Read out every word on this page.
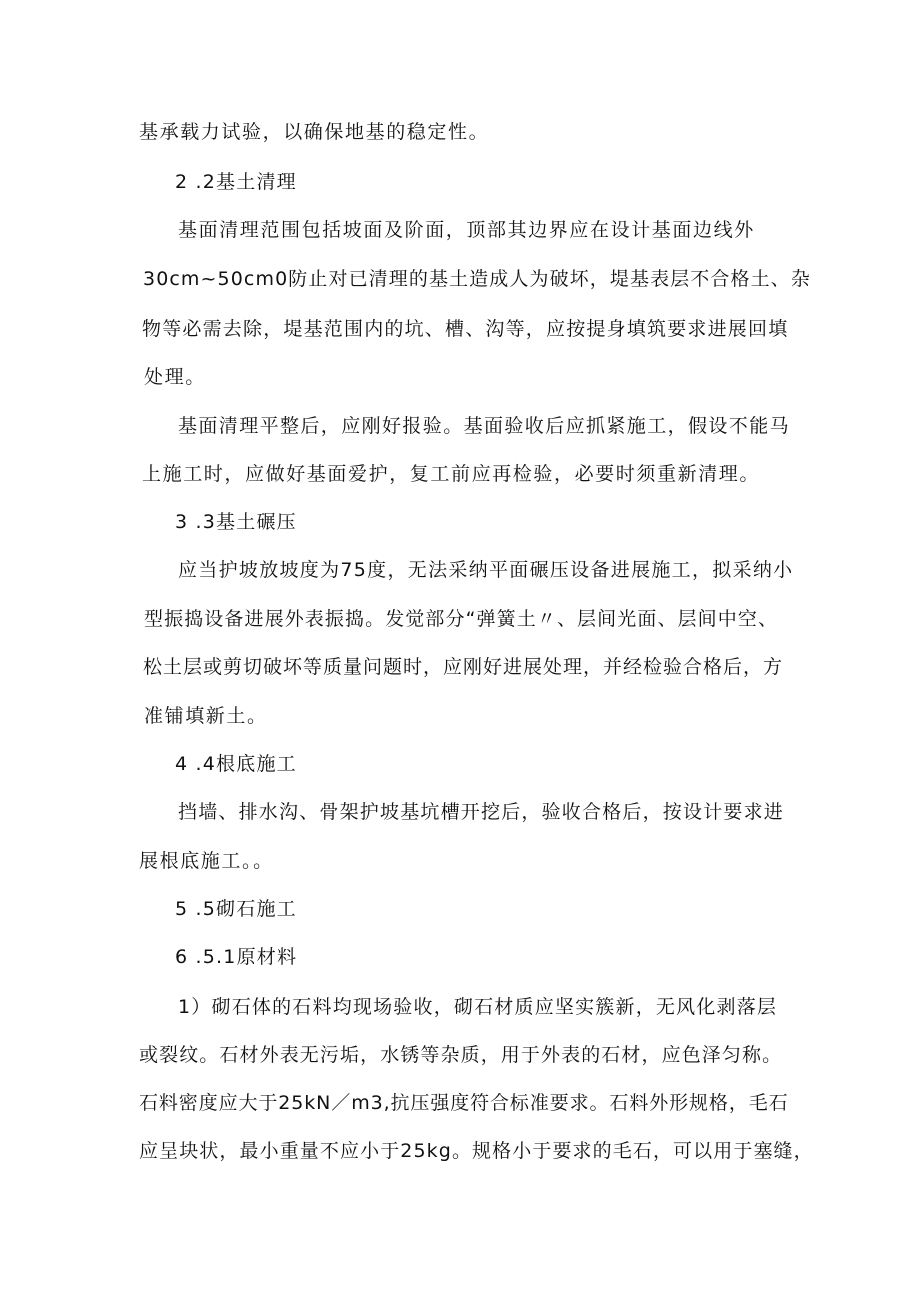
基承载力试验，以确保地基的稳定性。
2 .2基土清理
基面清理范围包括坡面及阶面，顶部其边界应在设计基面边线外
30cm~50cm0防止对已清理的基土造成人为破坏，堤基表层不合格土、杂
物等必需去除，堤基范围内的坑、槽、沟等，应按提身填筑要求进展回填
处理。
基面清理平整后，应刚好报验。基面验收后应抓紧施工，假设不能马
上施工时，应做好基面爱护，复工前应再检验，必要时须重新清理。
3 .3基土碾压
应当护坡放坡度为75度，无法采纳平面碾压设备进展施工，拟采纳小
型振捣设备进展外表振捣。发觉部分“弹簧土〃、层间光面、层间中空、
松土层或剪切破坏等质量问题时，应刚好进展处理，并经检验合格后，方
准铺填新土。
4 .4根底施工
挡墙、排水沟、骨架护坡基坑槽开挖后，验收合格后，按设计要求进
展根底施工。。
5 .5砌石施工
6 .5.1原材料
1）砌石体的石料均现场验收，砌石材质应坚实簇新，无风化剥落层
或裂纹。石材外表无污垢，水锈等杂质，用于外表的石材，应色泽匀称。
石料密度应大于25kN／m3,抗压强度符合标准要求。石料外形规格，毛石
应呈块状，最小重量不应小于25kg。规格小于要求的毛石，可以用于塞缝，
